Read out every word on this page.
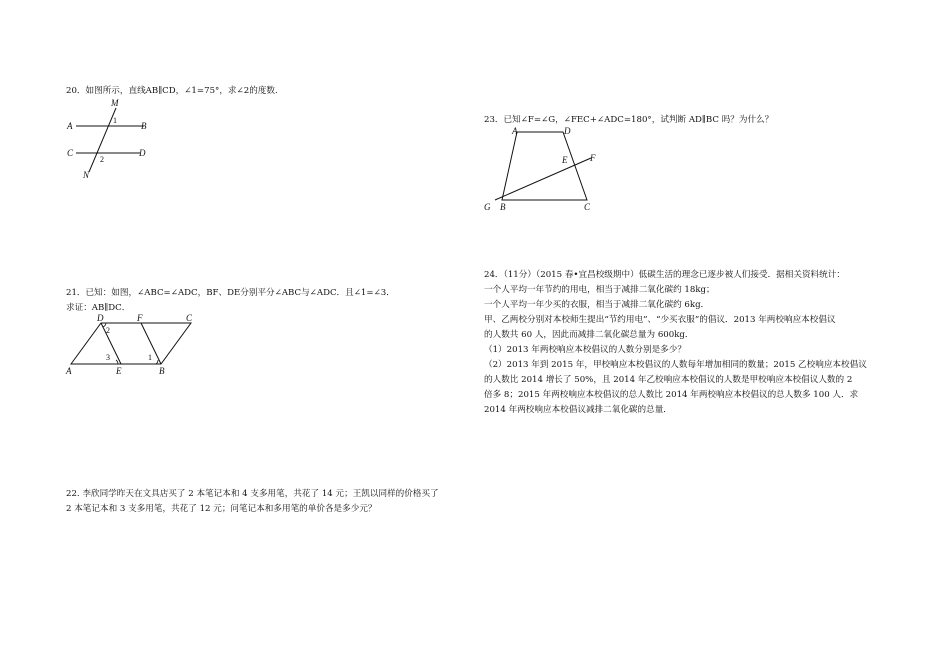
20．如图所示，直线AB∥CD，∠1=75°，求∠2的度数.
M
A	B
1
C	D
2
N
21．已知：如图，∠ABC=∠ADC，BF、DE分别平分∠ABC与∠ADC．且∠1=∠3．
求证：AB∥DC．
D	F	C
2
3	1
A	E	B
22. 李欣同学昨天在文具店买了 2 本笔记本和 4 支多用笔，共花了 14 元；王凯以同样的价格买了
2 本笔记本和 3 支多用笔，共花了 12 元；问笔记本和多用笔的单价各是多少元？
23．已知∠F=∠G，∠FEC+∠ADC=180°，试判断 AD∥BC 吗？为什么？
A	D
E	F
G B	C
24．（11分）（2015 春•宜昌校级期中）低碳生活的理念已逐步被人们接受．据相关资料统计：
一个人平均一年节约的用电，相当于减排二氧化碳约 18kg；
一个人平均一年少买的衣服，相当于减排二氧化碳约 6kg．
甲、乙两校分别对本校师生提出“节约用电”、“少买衣服”的倡议．2013 年两校响应本校倡议
的人数共 60 人，因此而减排二氧化碳总量为 600kg．
（1）2013 年两校响应本校倡议的人数分别是多少？
（2）2013 年到 2015 年，甲校响应本校倡议的人数每年增加相同的数量；2015 乙校响应本校倡议
的人数比 2014 增长了 50%，且 2014 年乙校响应本校倡议的人数是甲校响应本校倡议人数的 2
倍多 8；2015 年两校响应本校倡议的总人数比 2014 年两校响应本校倡议的总人数多 100 人．求
2014 年两校响应本校倡议减排二氧化碳的总量．
